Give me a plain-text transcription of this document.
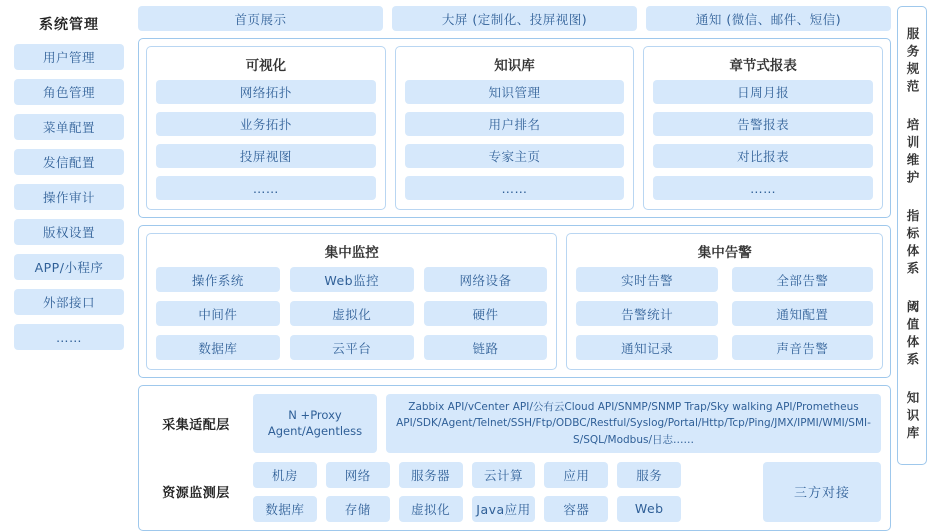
系统管理
用户管理
角色管理
菜单配置
发信配置
操作审计
版权设置
APP/小程序
外部接口
……
首页展示	大屏 (定制化、投屏视图)	通知 (微信、邮件、短信)
可视化
网络拓扑
业务拓扑
投屏视图
……
知识库
知识管理
用户排名
专家主页
……
章节式报表
日周月报
告警报表
对比报表
……
集中监控
操作系统	Web监控	网络设备
中间件	虚拟化	硬件
数据库	云平台	链路
集中告警
实时告警	全部告警
告警统计	通知配置
通知记录	声音告警
采集适配层
N +Proxy
Agent/Agentless
Zabbix API/vCenter API/公有云Cloud API/SNMP/SNMP Trap/Sky walking API/Prometheus API/SDK/Agent/Telnet/SSH/Ftp/ODBC/Restful/Syslog/Portal/Http/Tcp/Ping/JMX/IPMI/WMI/SMI-S/SQL/Modbus/日志……
资源监测层
机房	网络	服务器	云计算	应用	服务
数据库	存储	虚拟化	Java应用	容器	Web
三方对接
服务规范
培训维护
指标体系
阈值体系
知识库
